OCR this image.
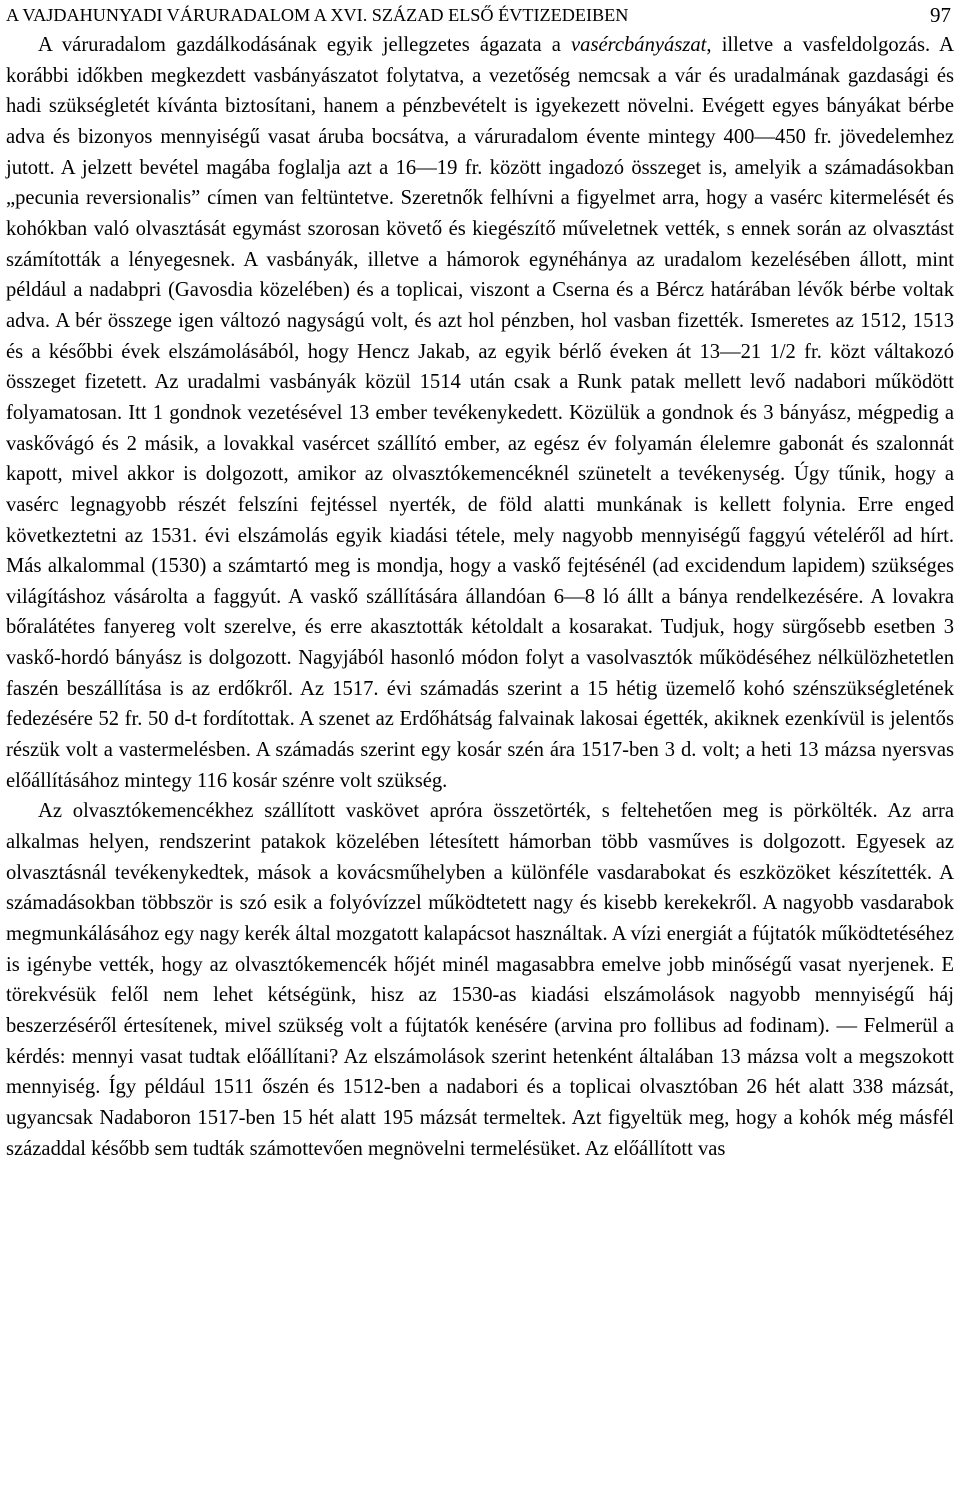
A VAJDAHUNYADI VÁRURADALOM A XVI. SZÁZAD ELSŐ ÉVTIZEDEIBEN	97

A váruradalom gazdálkodásának egyik jellegzetes ágazata a vasércbányászat, illetve a vasfeldolgozás. A korábbi időkben megkezdett vasbányászatot folytatva, a vezetőség nemcsak a vár és uradalmának gazdasági és hadi szükségletét kívánta biztosítani, hanem a pénzbevételt is igyekezett növelni. Evégett egyes bányákat bérbe adva és bizonyos mennyiségű vasat áruba bocsátva, a váruradalom évente mintegy 400—450 fr. jövedelemhez jutott. A jelzett bevétel magába foglalja azt a 16—19 fr. között ingadozó összeget is, amelyik a számadásokban „pecunia reversionalis” címen van feltüntetve. Szeretnők felhívni a figyelmet arra, hogy a vasérc kitermelését és kohókban való olvasztását egymást szorosan követő és kiegészítő műveletnek vették, s ennek során az olvasztást számították a lényegesnek. A vasbányák, illetve a hámorok egynéhánya az uradalom kezelésében állott, mint például a nadabpri (Gavosdia közelében) és a toplicai, viszont a Cserna és a Bércz határában lévők bérbe voltak adva. A bér összege igen változó nagyságú volt, és azt hol pénzben, hol vasban fizették. Ismeretes az 1512, 1513 és a későbbi évek elszámolásából, hogy Hencz Jakab, az egyik bérlő éveken át 13—21 1/2 fr. közt váltakozó összeget fizetett. Az uradalmi vasbányák közül 1514 után csak a Runk patak mellett levő nadabori működött folyamatosan. Itt 1 gondnok vezetésével 13 ember tevékenykedett. Közülük a gondnok és 3 bányász, mégpedig a vaskővágó és 2 másik, a lovakkal vasércet szállító ember, az egész év folyamán élelemre gabonát és szalonnát kapott, mivel akkor is dolgozott, amikor az olvasztókemencéknél szünetelt a tevékenység. Úgy tűnik, hogy a vasérc legnagyobb részét felszíni fejtéssel nyerték, de föld alatti munkának is kellett folynia. Erre enged következtetni az 1531. évi elszámolás egyik kiadási tétele, mely nagyobb mennyiségű faggyú vételéről ad hírt. Más alkalommal (1530) a számtartó meg is mondja, hogy a vaskő fejtésénél (ad excidendum lapidem) szükséges világításhoz vásárolta a faggyút. A vaskő szállítására állandóan 6—8 ló állt a bánya rendelkezésére. A lovakra bőralátétes fanyereg volt szerelve, és erre akasztották kétoldalt a kosarakat. Tudjuk, hogy sürgősebb esetben 3 vaskő-hordó bányász is dolgozott. Nagyjából hasonló módon folyt a vasolvasztók működéséhez nélkülözhetetlen faszén beszállítása is az erdőkről. Az 1517. évi számadás szerint a 15 hétig üzemelő kohó szénszükségletének fedezésére 52 fr. 50 d-t fordítottak. A szenet az Erdőhátság falvainak lakosai égették, akiknek ezenkívül is jelentős részük volt a vastermelésben. A számadás szerint egy kosár szén ára 1517-ben 3 d. volt; a heti 13 mázsa nyersvas előállításához mintegy 116 kosár szénre volt szükség.

Az olvasztókemencékhez szállított vaskövet apróra összetörték, s feltehetően meg is pörkölték. Az arra alkalmas helyen, rendszerint patakok közelében létesített hámorban több vasműves is dolgozott. Egyesek az olvasztásnál tevékenykedtek, mások a kovácsműhelyben a különféle vasdarabokat és eszközöket készítették. A számadásokban többször is szó esik a folyóvízzel működtetett nagy és kisebb kerekekről. A nagyobb vasdarabok megmunkálásához egy nagy kerék által mozgatott kalapácsot használtak. A vízi energiát a fújtatók működtetéséhez is igénybe vették, hogy az olvasztókemencék hőjét minél magasabbra emelve jobb minőségű vasat nyerjenek. E törekvésük felől nem lehet kétségünk, hisz az 1530-as kiadási elszámolások nagyobb mennyiségű háj beszerzéséről értesítenek, mivel szükség volt a fújtatók kenésére (arvina pro follibus ad fodinam). — Felmerül a kérdés: mennyi vasat tudtak előállítani? Az elszámolások szerint hetenként általában 13 mázsa volt a megszokott mennyiség. Így például 1511 őszén és 1512-ben a nadabori és a toplicai olvasztóban 26 hét alatt 338 mázsát, ugyancsak Nadaboron 1517-ben 15 hét alatt 195 mázsát termeltek. Azt figyeltük meg, hogy a kohók még másfél századdal később sem tudták számottevően megnövelni termelésüket. Az előállított vas
